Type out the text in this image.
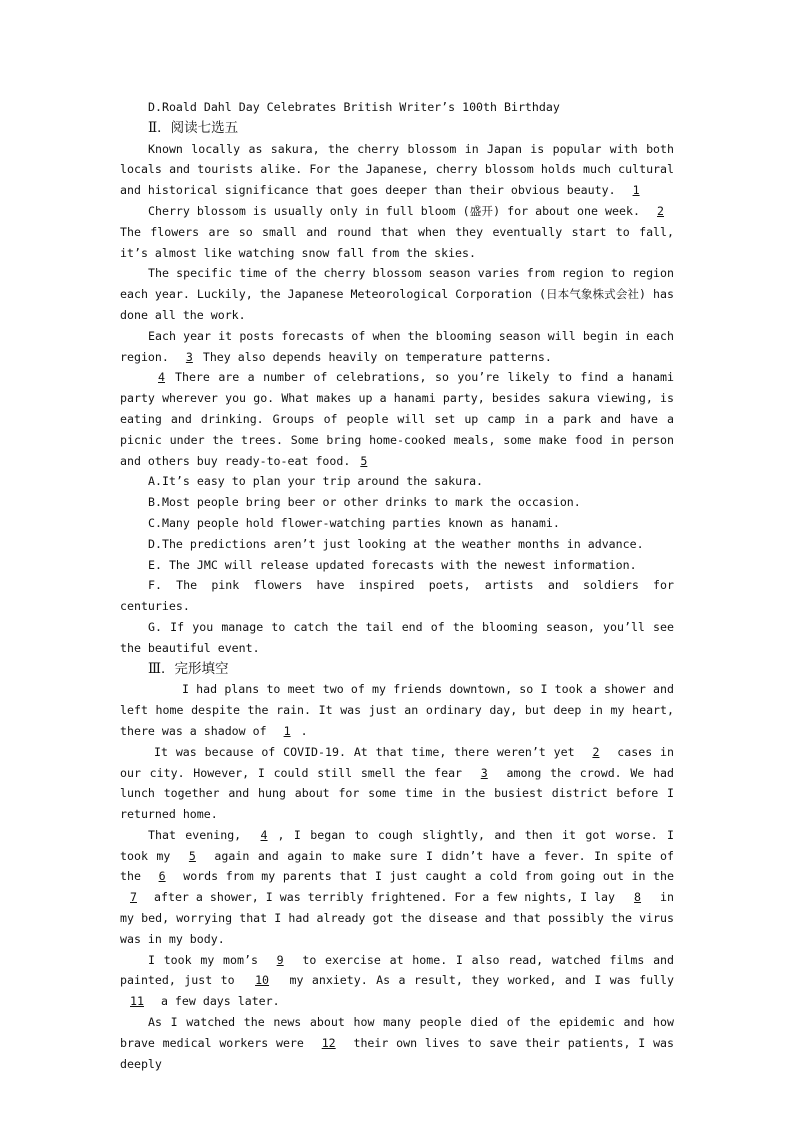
D.Roald Dahl Day Celebrates British Writer’s 100th Birthday

Ⅱ．阅读七选五

Known locally as sakura, the cherry blossom in Japan is popular with both locals and tourists alike. For the Japanese, cherry blossom holds much cultural and historical significance that goes deeper than their obvious beauty. 1

Cherry blossom is usually only in full bloom (盛开) for about one week. 2 The flowers are so small and round that when they eventually start to fall, it’s almost like watching snow fall from the skies.

The specific time of the cherry blossom season varies from region to region each year. Luckily, the Japanese Meteorological Corporation (日本气象株式会社) has done all the work.

Each year it posts forecasts of when the blooming season will begin in each region. 3 They also depends heavily on temperature patterns.

4 There are a number of celebrations, so you’re likely to find a hanami party wherever you go. What makes up a hanami party, besides sakura viewing, is eating and drinking. Groups of people will set up camp in a park and have a picnic under the trees. Some bring home-cooked meals, some make food in person and others buy ready-to-eat food. 5

A.It’s easy to plan your trip around the sakura.

B.Most people bring beer or other drinks to mark the occasion.

C.Many people hold flower-watching parties known as hanami.

D.The predictions aren’t just looking at the weather months in advance.

E. The JMC will release updated forecasts with the newest information.

F. The pink flowers have inspired poets, artists and soldiers for centuries.

G. If you manage to catch the tail end of the blooming season, you’ll see the beautiful event.

Ⅲ．完形填空

I had plans to meet two of my friends downtown, so I took a shower and left home despite the rain. It was just an ordinary day, but deep in my heart, there was a shadow of 1 .

It was because of COVID-19. At that time, there weren’t yet 2 cases in our city. However, I could still smell the fear 3 among the crowd. We had lunch together and hung about for some time in the busiest district before I returned home.

That evening, 4 , I began to cough slightly, and then it got worse. I took my 5 again and again to make sure I didn’t have a fever. In spite of the 6 words from my parents that I just caught a cold from going out in the 7 after a shower, I was terribly frightened. For a few nights, I lay 8 in my bed, worrying that I had already got the disease and that possibly the virus was in my body.

I took my mom’s 9 to exercise at home. I also read, watched films and painted, just to 10 my anxiety. As a result, they worked, and I was fully 11 a few days later.

As I watched the news about how many people died of the epidemic and how brave medical workers were 12 their own lives to save their patients, I was deeply
